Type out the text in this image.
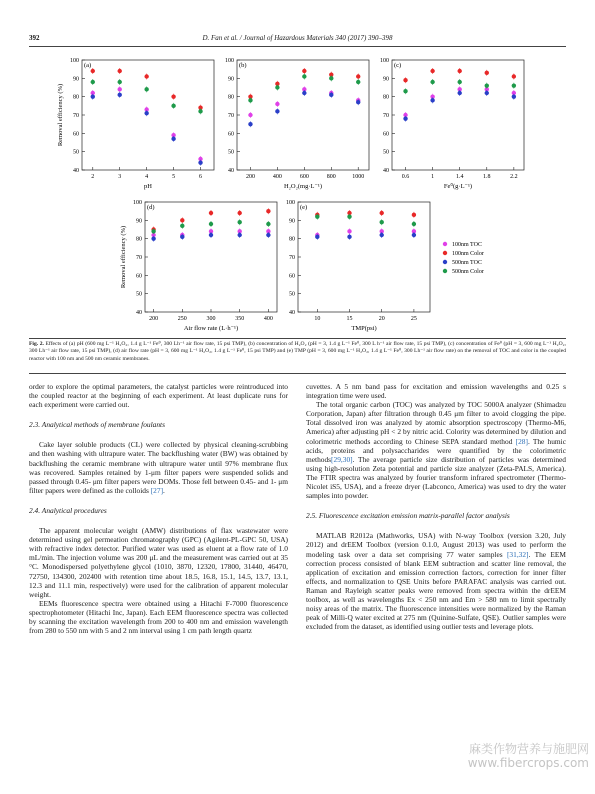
392	D. Fan et al. / Journal of Hazardous Materials 340 (2017) 390–398
40
50
60
70
80
90
100
2	3	4	5	6
(a)
pH
Removal efficiency (%)
40
50
60
70
80
90
100
200	400	600	800	1000
(b)
H₂O₂(mg·L⁻¹)
40
50
60
70
80
90
100
0.6	1	1.4	1.8	2.2
(c)
Fe⁰(g·L⁻¹)
40
50
60
70
80
90
100
200	250	300	350	400
(d)
Air flow rate (L·h⁻¹)
Removal efficiency (%)
40
50
60
70
80
90
100
10	15	20	25
(e)
TMP(psi)
100nm TOC
100nm Color
500nm TOC
500nm Color
Fig. 2. Effects of (a) pH (600 mg L⁻¹ H₂O₂, 1.4 g L⁻¹ Fe⁰, 300 Lh⁻¹ air flow rate, 15 psi TMP), (b) concentration of H₂O₂ (pH = 3, 1.4 g L⁻¹ Fe⁰, 300 L h⁻¹ air flow rate, 15 psi TMP), (c) concentration of Fe⁰ (pH = 3, 600 mg L⁻¹ H₂O₂, 300 Lh⁻¹ air flow rate, 15 psi TMP), (d) air flow rate (pH = 3, 600 mg L⁻¹ H₂O₂, 1.4 g L⁻¹ Fe⁰, 15 psi TMP) and (e) TMP (pH = 3, 600 mg L⁻¹ H₂O₂, 1.4 g L⁻¹ Fe⁰, 300 Lh⁻¹ air flow rate) on the removal of TOC and color in the coupled reactor with 100 nm and 500 nm ceramic membranes.

order to explore the optimal parameters, the catalyst particles were reintroduced into the coupled reactor at the beginning of each experiment. At least duplicate runs for each experiment were carried out.

2.3. Analytical methods of membrane foulants

Cake layer soluble products (CL) were collected by physical cleaning-scrubbing and then washing with ultrapure water. The backflushing water (BW) was obtained by backflushing the ceramic membrane with ultrapure water until 97% membrane flux was recovered. Samples retained by 1-μm filter papers were suspended solids and passed through 0.45- μm filter papers were DOMs. Those fell between 0.45- and 1- μm filter papers were defined as the colloids [27].

2.4. Analytical procedures

The apparent molecular weight (AMW) distributions of flax wastewater were determined using gel permeation chromatography (GPC) (Agilent-PL-GPC 50, USA) with refractive index detector. Purified water was used as eluent at a flow rate of 1.0 mL/min. The injection volume was 200 μL and the measurement was carried out at 35 °C. Monodispersed polyethylene glycol (1010, 3870, 12320, 17800, 31440, 46470, 72750, 134300, 202400 with retention time about 18.5, 16.8, 15.1, 14.5, 13.7, 13.1, 12.3 and 11.1 min, respectively) were used for the calibration of apparent molecular weight.

EEMs fluorescence spectra were obtained using a Hitachi F-7000 fluorescence spectrophotometer (Hitachi Inc, Japan). Each EEM fluorescence spectra was collected by scanning the excitation wavelength from 200 to 400 nm and emission wavelength from 280 to 550 nm with 5 and 2 nm interval using 1 cm path length quartz

cuvettes. A 5 nm band pass for excitation and emission wavelengths and 0.25 s integration time were used.

The total organic carbon (TOC) was analyzed by TOC 5000A analyzer (Shimadzu Corporation, Japan) after filtration through 0.45 μm filter to avoid clogging the pipe. Total dissolved iron was analyzed by atomic absorption spectroscopy (Thermo-M6, America) after adjusting pH < 2 by nitric acid. Colority was determined by dilution and colorimetric methods according to Chinese SEPA standard method [28]. The humic acids, proteins and polysaccharides were quantified by the colorimetric methods[29,30]. The average particle size distribution of particles was determined using high-resolution Zeta potential and particle size analyzer (Zeta-PALS, America). The FTIR spectra was analyzed by fourier transform infrared spectrometer (Thermo-Nicolet iS5, USA), and a freeze dryer (Labconco, America) was used to dry the water samples into powder.

2.5. Fluorescence excitation emission matrix-parallel factor analysis

MATLAB R2012a (Mathworks, USA) with N-way Toolbox (version 3.20, July 2012) and drEEM Toolbox (version 0.1.0, August 2013) was used to perform the modeling task over a data set comprising 77 water samples [31,32]. The EEM correction process consisted of blank EEM subtraction and scatter line removal, the application of excitation and emission correction factors, correction for inner filter effects, and normalization to QSE Units before PARAFAC analysis was carried out. Raman and Rayleigh scatter peaks were removed from spectra within the drEEM toolbox, as well as wavelengths Ex < 250 nm and Em > 580 nm to limit spectrally noisy areas of the matrix. The fluorescence intensities were normalized by the Raman peak of Milli-Q water excited at 275 nm (Quinine-Sulfate, QSE). Outlier samples were excluded from the dataset, as identified using outlier tests and leverage plots.

麻类作物营养与施肥网
www.fibercrops.com
